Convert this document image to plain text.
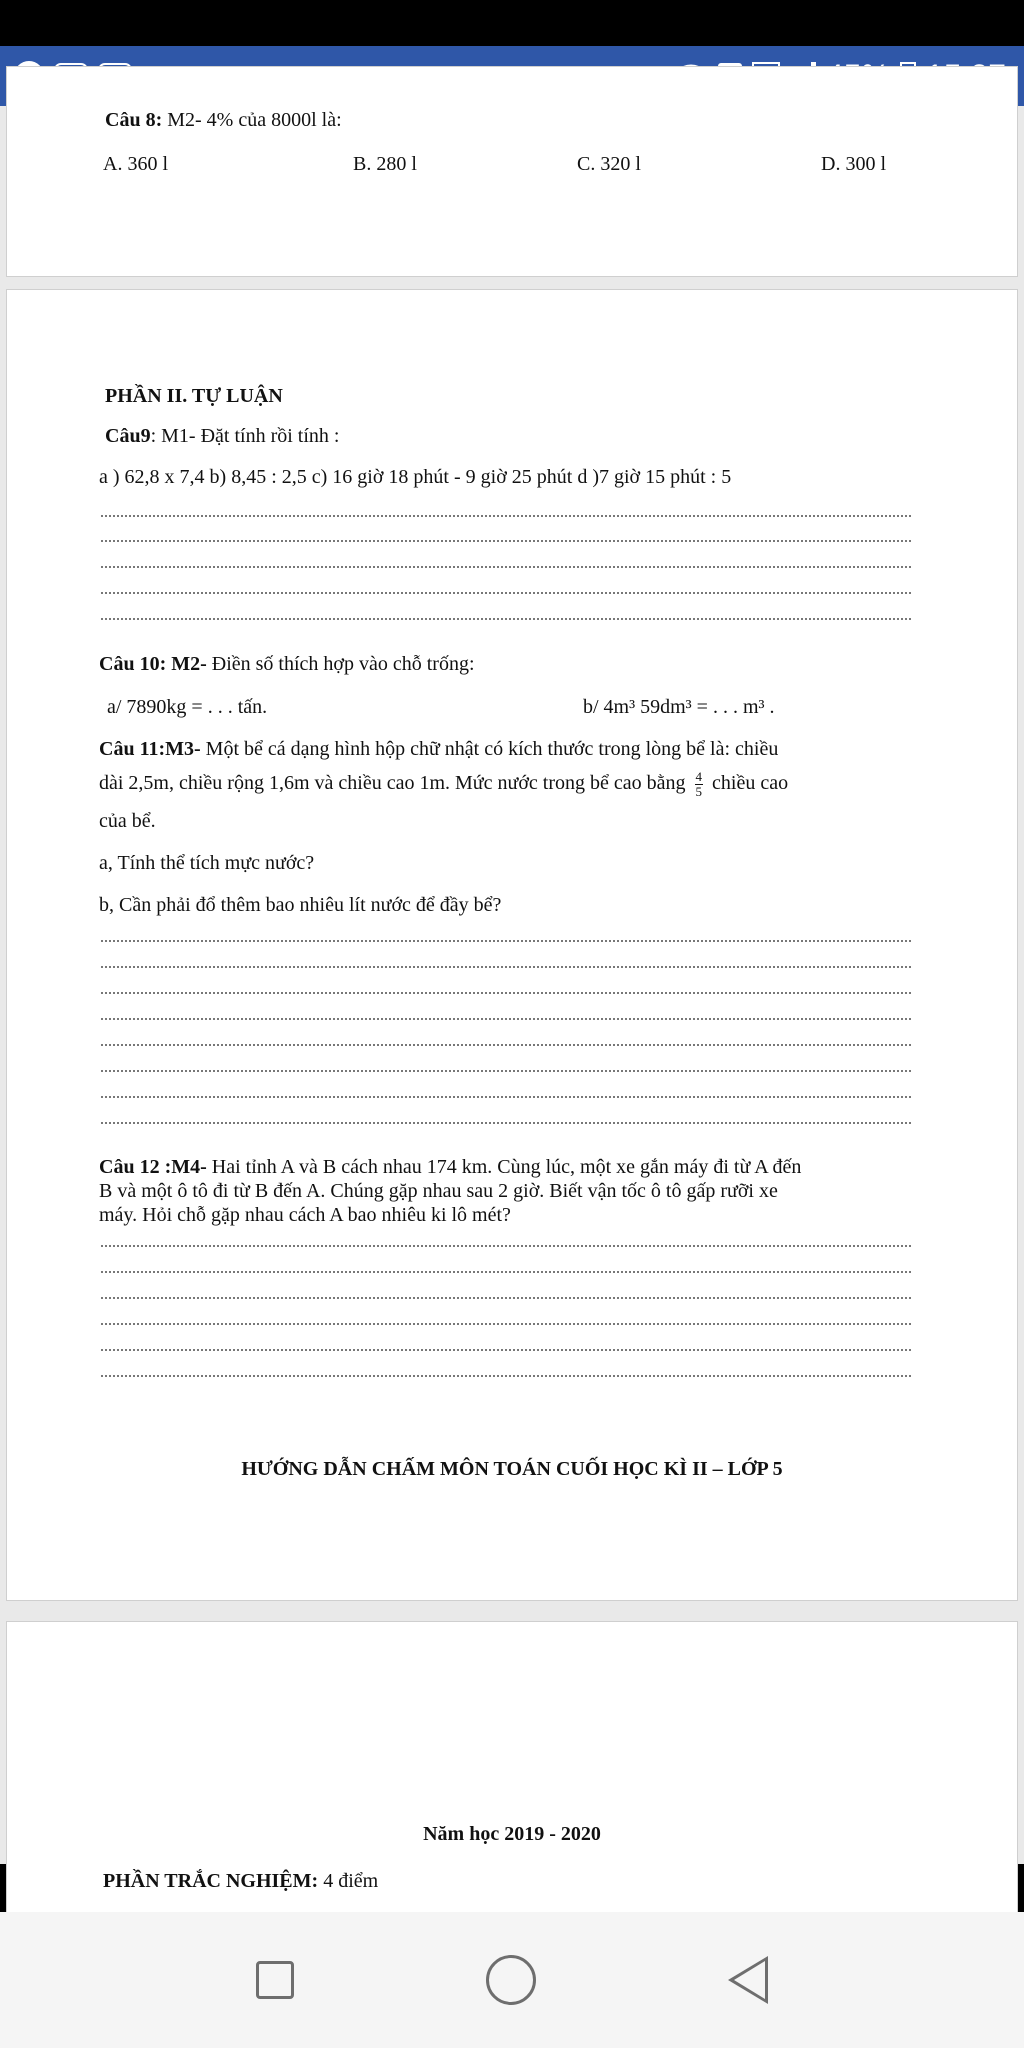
Câu 8: M2- 4% của 8000l là:
A. 360 l	B. 280 l	C. 320 l	D. 300 l
PHẦN II. TỰ LUẬN
Câu9: M1- Đặt tính rồi tính :
a ) 62,8 x 7,4 b) 8,45 : 2,5 c) 16 giờ 18 phút - 9 giờ 25 phút d )7 giờ 15 phút : 5
Câu 10: M2- Điền số thích hợp vào chỗ trống:
a/ 7890kg = . . . tấn.	b/ 4m³ 59dm³ = . . . m³ .
Câu 11:M3- Một bể cá dạng hình hộp chữ nhật có kích thước trong lòng bể là: chiều
dài 2,5m, chiều rộng 1,6m và chiều cao 1m. Mức nước trong bể cao bằng $\frac{4}{5}$ chiều cao
của bể.
a, Tính thể tích mực nước?
b, Cần phải đổ thêm bao nhiêu lít nước để đầy bể?
Câu 12 :M4- Hai tỉnh A và B cách nhau 174 km. Cùng lúc, một xe gắn máy đi từ A đến
B và một ô tô đi từ B đến A. Chúng gặp nhau sau 2 giờ. Biết vận tốc ô tô gấp rưỡi xe
máy. Hỏi chỗ gặp nhau cách A bao nhiêu ki lô mét?
HƯỚNG DẪN CHẤM MÔN TOÁN CUỐI HỌC KÌ II – LỚP 5
Năm học 2019 - 2020
PHẦN TRẮC NGHIỆM: 4 điểm
